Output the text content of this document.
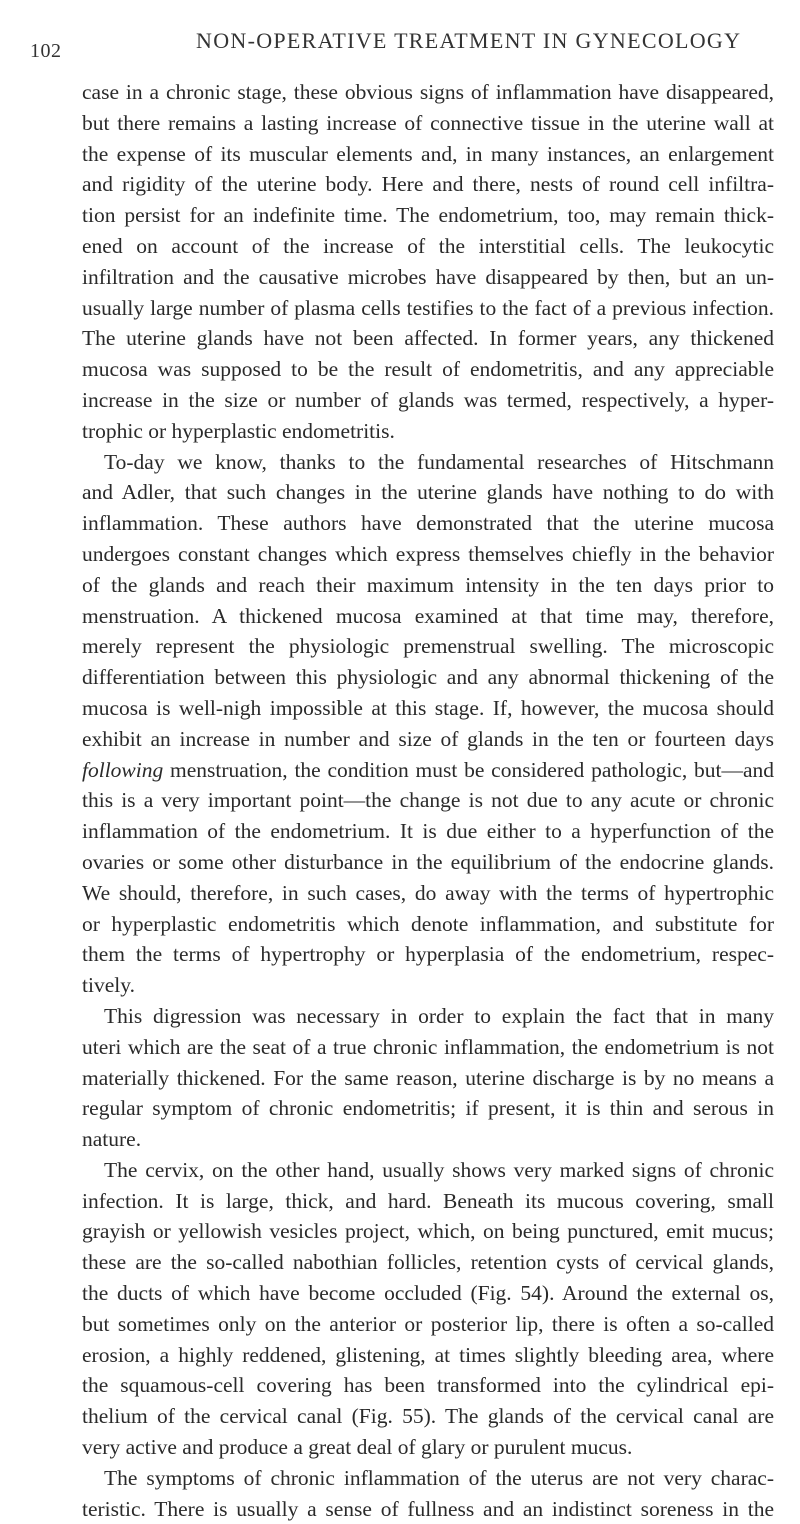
102	NON-OPERATIVE TREATMENT IN GYNECOLOGY
case in a chronic stage, these obvious signs of inflammation have disappeared,
but there remains a lasting increase of connective tissue in the uterine wall at
the expense of its muscular elements and, in many instances, an enlargement
and rigidity of the uterine body. Here and there, nests of round cell infiltra-
tion persist for an indefinite time. The endometrium, too, may remain thick-
ened on account of the increase of the interstitial cells. The leukocytic
infiltration and the causative microbes have disappeared by then, but an un-
usually large number of plasma cells testifies to the fact of a previous infection.
The uterine glands have not been affected. In former years, any thickened
mucosa was supposed to be the result of endometritis, and any appreciable
increase in the size or number of glands was termed, respectively, a hyper-
trophic or hyperplastic endometritis.
To-day we know, thanks to the fundamental researches of Hitschmann
and Adler, that such changes in the uterine glands have nothing to do with
inflammation. These authors have demonstrated that the uterine mucosa
undergoes constant changes which express themselves chiefly in the behavior
of the glands and reach their maximum intensity in the ten days prior to
menstruation. A thickened mucosa examined at that time may, therefore,
merely represent the physiologic premenstrual swelling. The microscopic
differentiation between this physiologic and any abnormal thickening of the
mucosa is well-nigh impossible at this stage. If, however, the mucosa should
exhibit an increase in number and size of glands in the ten or fourteen days
following menstruation, the condition must be considered pathologic, but—and
this is a very important point—the change is not due to any acute or chronic
inflammation of the endometrium. It is due either to a hyperfunction of the
ovaries or some other disturbance in the equilibrium of the endocrine glands.
We should, therefore, in such cases, do away with the terms of hypertrophic
or hyperplastic endometritis which denote inflammation, and substitute for
them the terms of hypertrophy or hyperplasia of the endometrium, respec-
tively.
This digression was necessary in order to explain the fact that in many
uteri which are the seat of a true chronic inflammation, the endometrium is not
materially thickened. For the same reason, uterine discharge is by no means a
regular symptom of chronic endometritis; if present, it is thin and serous in
nature.
The cervix, on the other hand, usually shows very marked signs of chronic
infection. It is large, thick, and hard. Beneath its mucous covering, small
grayish or yellowish vesicles project, which, on being punctured, emit mucus;
these are the so-called nabothian follicles, retention cysts of cervical glands,
the ducts of which have become occluded (Fig. 54). Around the external os,
but sometimes only on the anterior or posterior lip, there is often a so-called
erosion, a highly reddened, glistening, at times slightly bleeding area, where
the squamous-cell covering has been transformed into the cylindrical epi-
thelium of the cervical canal (Fig. 55). The glands of the cervical canal are
very active and produce a great deal of glary or purulent mucus.
The symptoms of chronic inflammation of the uterus are not very charac-
teristic. There is usually a sense of fullness and an indistinct soreness in the
